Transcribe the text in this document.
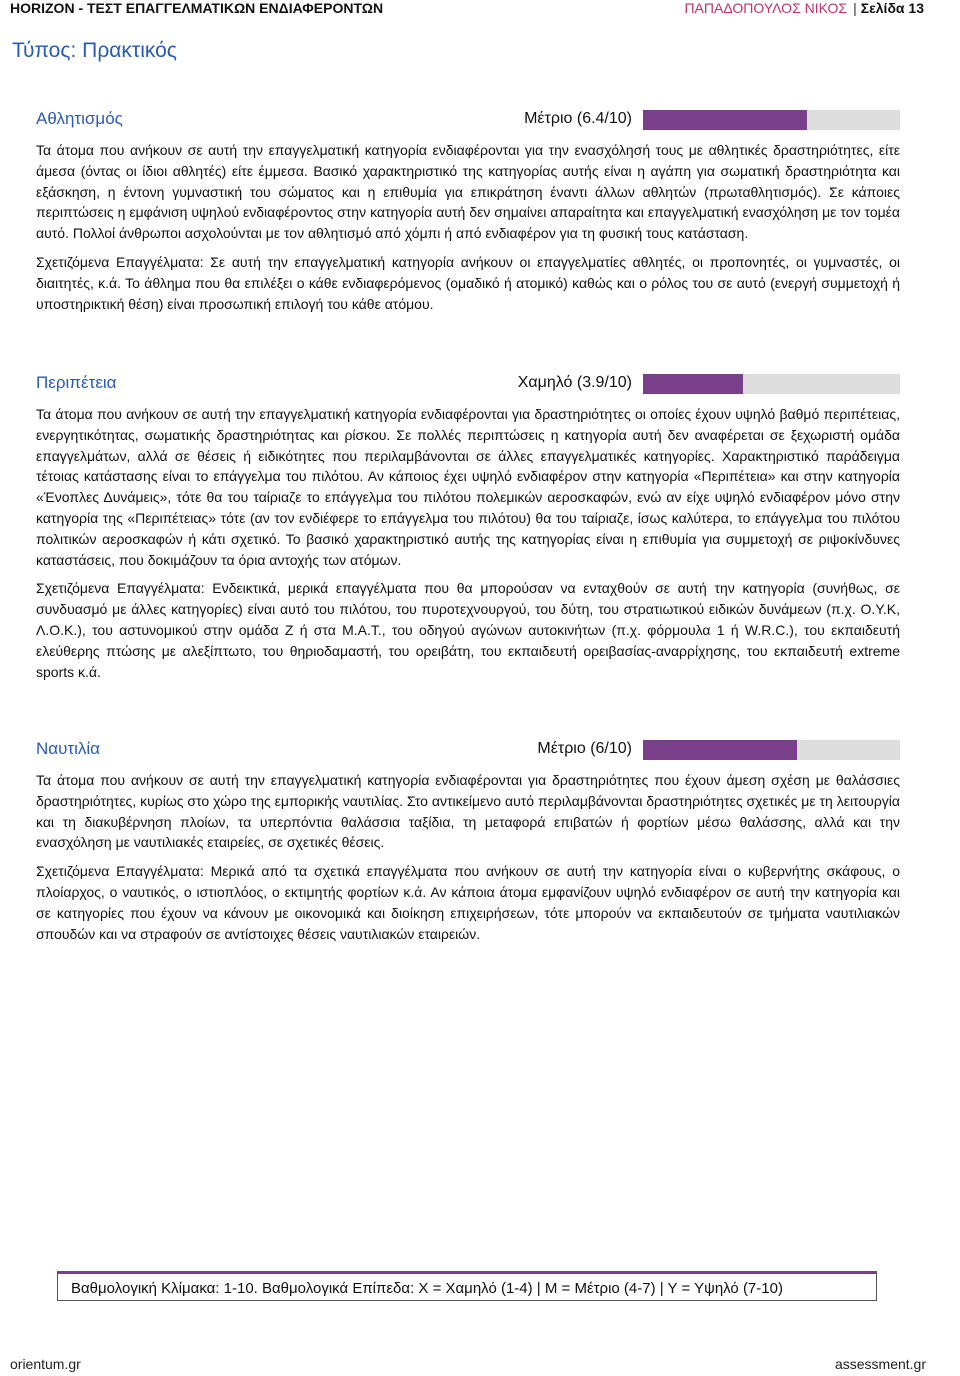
HORIZON - ΤΕΣΤ ΕΠΑΓΓΕΛΜΑΤΙΚΩΝ ΕΝΔΙΑΦΕΡΟΝΤΩΝ	ΠΑΠΑΔΟΠΟΥΛΟΣ ΝΙΚΟΣ | Σελίδα 13
Τύπος: Πρακτικός
Αθλητισμός	Μέτριο (6.4/10)

Τα άτομα που ανήκουν σε αυτή την επαγγελματική κατηγορία ενδιαφέρονται για την ενασχόλησή τους με αθλητικές δραστηριότητες, είτε άμεσα (όντας οι ίδιοι αθλητές) είτε έμμεσα. Βασικό χαρακτηριστικό της κατηγορίας αυτής είναι η αγάπη για σωματική δραστηριότητα και εξάσκηση, η έντονη γυμναστική του σώματος και η επιθυμία για επικράτηση έναντι άλλων αθλητών (πρωταθλητισμός). Σε κάποιες περιπτώσεις η εμφάνιση υψηλού ενδιαφέροντος στην κατηγορία αυτή δεν σημαίνει απαραίτητα και επαγγελματική ενασχόληση με τον τομέα αυτό. Πολλοί άνθρωποι ασχολούνται με τον αθλητισμό από χόμπι ή από ενδιαφέρον για τη φυσική τους κατάσταση.

Σχετιζόμενα Επαγγέλματα: Σε αυτή την επαγγελματική κατηγορία ανήκουν οι επαγγελματίες αθλητές, οι προπονητές, οι γυμναστές, οι διαιτητές, κ.ά. Το άθλημα που θα επιλέξει ο κάθε ενδιαφερόμενος (ομαδικό ή ατομικό) καθώς και ο ρόλος του σε αυτό (ενεργή συμμετοχή ή υποστηρικτική θέση) είναι προσωπική επιλογή του κάθε ατόμου.

Περιπέτεια	Χαμηλό (3.9/10)

Τα άτομα που ανήκουν σε αυτή την επαγγελματική κατηγορία ενδιαφέρονται για δραστηριότητες οι οποίες έχουν υψηλό βαθμό περιπέτειας, ενεργητικότητας, σωματικής δραστηριότητας και ρίσκου. Σε πολλές περιπτώσεις η κατηγορία αυτή δεν αναφέρεται σε ξεχωριστή ομάδα επαγγελμάτων, αλλά σε θέσεις ή ειδικότητες που περιλαμβάνονται σε άλλες επαγγελματικές κατηγορίες. Χαρακτηριστικό παράδειγμα τέτοιας κατάστασης είναι το επάγγελμα του πιλότου. Αν κάποιος έχει υψηλό ενδιαφέρον στην κατηγορία «Περιπέτεια» και στην κατηγορία «Ένοπλες Δυνάμεις», τότε θα του ταίριαζε το επάγγελμα του πιλότου πολεμικών αεροσκαφών, ενώ αν είχε υψηλό ενδιαφέρον μόνο στην κατηγορία της «Περιπέτειας» τότε (αν τον ενδιέφερε το επάγγελμα του πιλότου) θα του ταίριαζε, ίσως καλύτερα, το επάγγελμα του πιλότου πολιτικών αεροσκαφών ή κάτι σχετικό. Το βασικό χαρακτηριστικό αυτής της κατηγορίας είναι η επιθυμία για συμμετοχή σε ριψοκίνδυνες καταστάσεις, που δοκιμάζουν τα όρια αντοχής των ατόμων.

Σχετιζόμενα Επαγγέλματα: Ενδεικτικά, μερικά επαγγέλματα που θα μπορούσαν να ενταχθούν σε αυτή την κατηγορία (συνήθως, σε συνδυασμό με άλλες κατηγορίες) είναι αυτό του πιλότου, του πυροτεχνουργού, του δύτη, του στρατιωτικού ειδικών δυνάμεων (π.χ. Ο.Υ.Κ, Λ.Ο.Κ.), του αστυνομικού στην ομάδα Ζ ή στα Μ.Α.Τ., του οδηγού αγώνων αυτοκινήτων (π.χ. φόρμουλα 1 ή W.R.C.), του εκπαιδευτή ελεύθερης πτώσης με αλεξίπτωτο, του θηριοδαμαστή, του ορειβάτη, του εκπαιδευτή ορειβασίας-αναρρίχησης, του εκπαιδευτή extreme sports κ.ά.

Ναυτιλία	Μέτριο (6/10)

Τα άτομα που ανήκουν σε αυτή την επαγγελματική κατηγορία ενδιαφέρονται για δραστηριότητες που έχουν άμεση σχέση με θαλάσσιες δραστηριότητες, κυρίως στο χώρο της εμπορικής ναυτιλίας. Στο αντικείμενο αυτό περιλαμβάνονται δραστηριότητες σχετικές με τη λειτουργία και τη διακυβέρνηση πλοίων, τα υπερπόντια θαλάσσια ταξίδια, τη μεταφορά επιβατών ή φορτίων μέσω θαλάσσης, αλλά και την ενασχόληση με ναυτιλιακές εταιρείες, σε σχετικές θέσεις.

Σχετιζόμενα Επαγγέλματα: Μερικά από τα σχετικά επαγγέλματα που ανήκουν σε αυτή την κατηγορία είναι ο κυβερνήτης σκάφους, ο πλοίαρχος, ο ναυτικός, ο ιστιοπλόος, ο εκτιμητής φορτίων κ.ά. Αν κάποια άτομα εμφανίζουν υψηλό ενδιαφέρον σε αυτή την κατηγορία και σε κατηγορίες που έχουν να κάνουν με οικονομικά και διοίκηση επιχειρήσεων, τότε μπορούν να εκπαιδευτούν σε τμήματα ναυτιλιακών σπουδών και να στραφούν σε αντίστοιχες θέσεις ναυτιλιακών εταιρειών.

Βαθμολογική Κλίμακα: 1-10. Βαθμολογικά Επίπεδα: Χ = Χαμηλό (1-4) | Μ = Μέτριο (4-7) | Υ = Υψηλό (7-10)
orientum.gr	assessment.gr
